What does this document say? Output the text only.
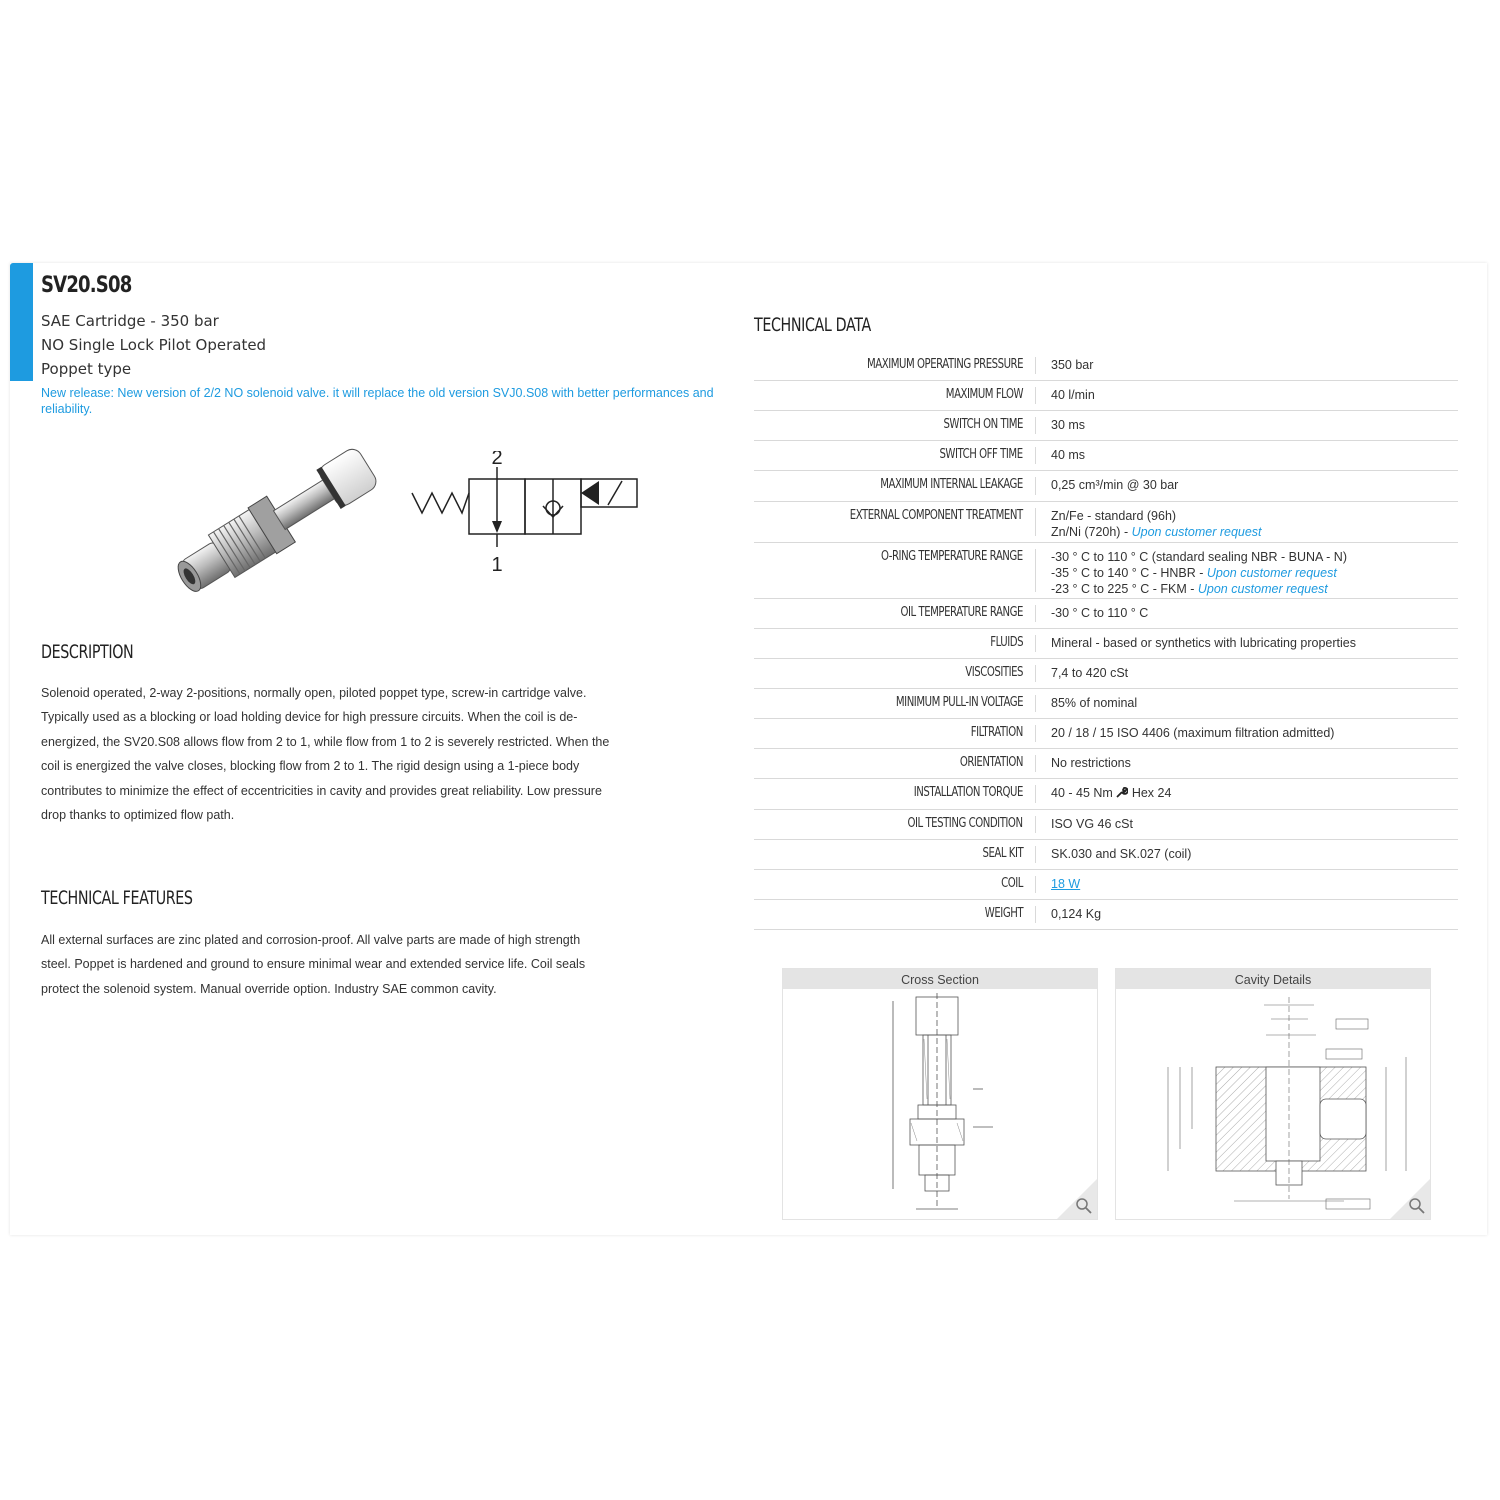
SV20.S08
SAE Cartridge - 350 bar
NO Single Lock Pilot Operated
Poppet type
New release: New version of 2/2 NO solenoid valve. it will replace the old version SVJ0.S08 with better performances and reliability.
2
1
DESCRIPTION
Solenoid operated, 2-way 2-positions, normally open, piloted poppet type, screw-in cartridge valve. Typically used as a blocking or load holding device for high pressure circuits. When the coil is de-energized, the SV20.S08 allows flow from 2 to 1, while flow from 1 to 2 is severely restricted. When the coil is energized the valve closes, blocking flow from 2 to 1. The rigid design using a 1-piece body contributes to minimize the effect of eccentricities in cavity and provides great reliability. Low pressure drop thanks to optimized flow path.
TECHNICAL FEATURES
All external surfaces are zinc plated and corrosion-proof. All valve parts are made of high strength steel. Poppet is hardened and ground to ensure minimal wear and extended service life. Coil seals protect the solenoid system. Manual override option. Industry SAE common cavity.
TECHNICAL DATA
MAXIMUM OPERATING PRESSURE	350 bar
MAXIMUM FLOW	40 l/min
SWITCH ON TIME	30 ms
SWITCH OFF TIME	40 ms
MAXIMUM INTERNAL LEAKAGE	0,25 cm³/min @ 30 bar
EXTERNAL COMPONENT TREATMENT Zn/Fe - standard (96h)
Zn/Ni (720h) - Upon customer request
O-RING TEMPERATURE RANGE -30 ° C to 110 ° C (standard sealing NBR - BUNA - N)
-35 ° C to 140 ° C - HNBR - Upon customer request
-23 ° C to 225 ° C - FKM - Upon customer request
OIL TEMPERATURE RANGE	-30 ° C to 110 ° C
FLUIDS	Mineral - based or synthetics with lubricating properties
VISCOSITIES	7,4 to 420 cSt
MINIMUM PULL-IN VOLTAGE	85% of nominal
FILTRATION	20 / 18 / 15 ISO 4406 (maximum filtration admitted)
ORIENTATION	No restrictions
INSTALLATION TORQUE	40 - 45 Nm Hex 24
OIL TESTING CONDITION	ISO VG 46 cSt
SEAL KIT	SK.030 and SK.027 (coil)
COIL	18 W
WEIGHT	0,124 Kg
Cross Section	Cavity Details
